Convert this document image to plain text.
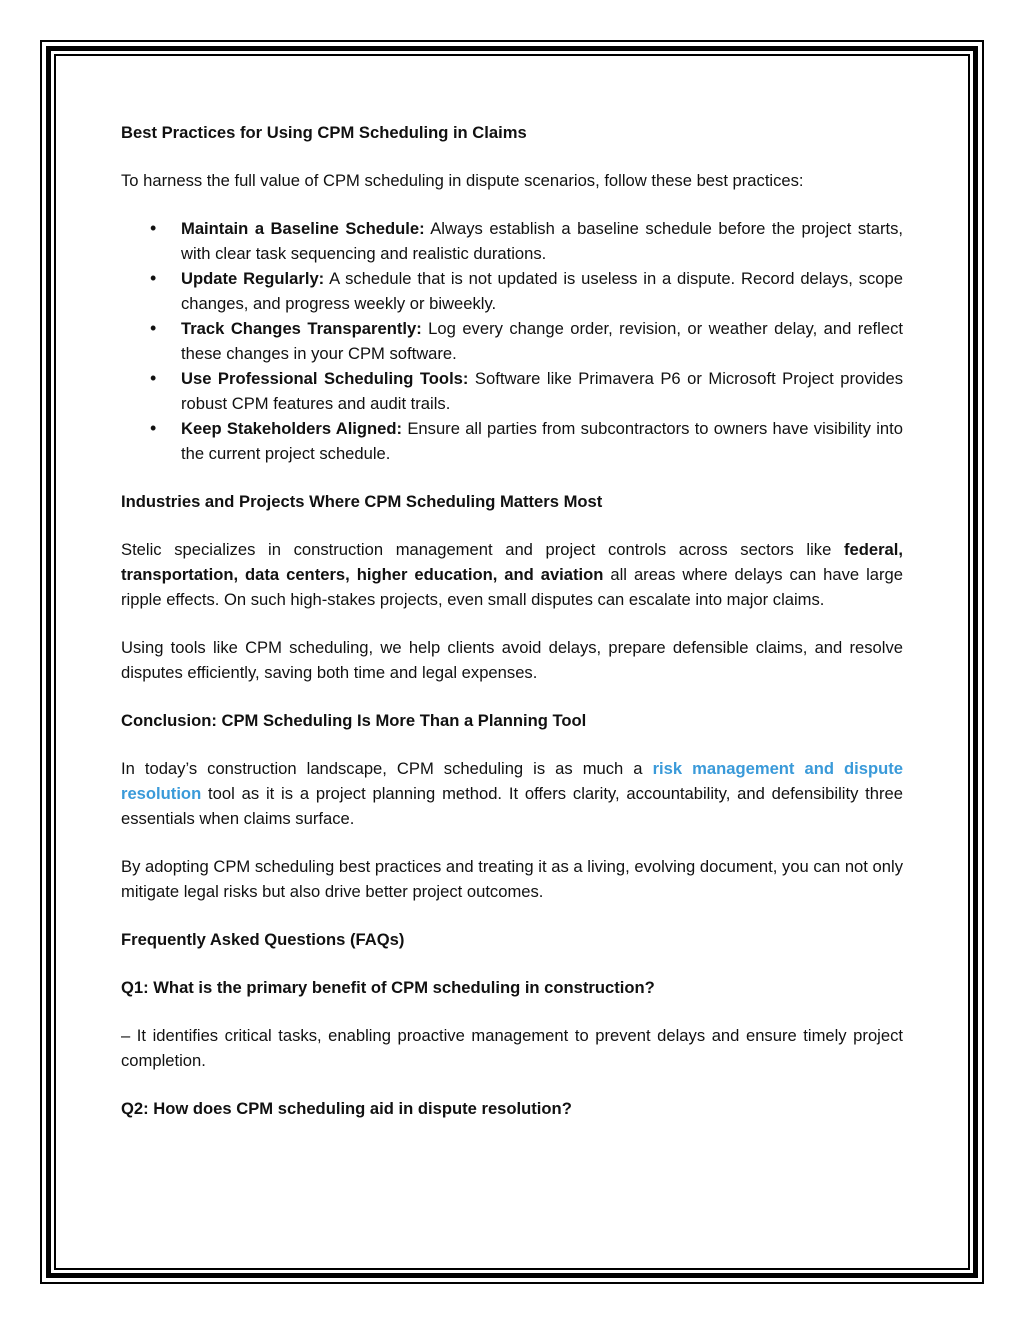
Best Practices for Using CPM Scheduling in Claims

To harness the full value of CPM scheduling in dispute scenarios, follow these best practices:

• Maintain a Baseline Schedule: Always establish a baseline schedule before the project starts, with clear task sequencing and realistic durations.
• Update Regularly: A schedule that is not updated is useless in a dispute. Record delays, scope changes, and progress weekly or biweekly.
• Track Changes Transparently: Log every change order, revision, or weather delay, and reflect these changes in your CPM software.
• Use Professional Scheduling Tools: Software like Primavera P6 or Microsoft Project provides robust CPM features and audit trails.
• Keep Stakeholders Aligned: Ensure all parties from subcontractors to owners have visibility into the current project schedule.
Industries and Projects Where CPM Scheduling Matters Most

Stelic specializes in construction management and project controls across sectors like federal, transportation, data centers, higher education, and aviation all areas where delays can have large ripple effects. On such high-stakes projects, even small disputes can escalate into major claims.

Using tools like CPM scheduling, we help clients avoid delays, prepare defensible claims, and resolve disputes efficiently, saving both time and legal expenses.

Conclusion: CPM Scheduling Is More Than a Planning Tool

In today’s construction landscape, CPM scheduling is as much a risk management and dispute resolution tool as it is a project planning method. It offers clarity, accountability, and defensibility three essentials when claims surface.

By adopting CPM scheduling best practices and treating it as a living, evolving document, you can not only mitigate legal risks but also drive better project outcomes.

Frequently Asked Questions (FAQs)
Q1: What is the primary benefit of CPM scheduling in construction?

– It identifies critical tasks, enabling proactive management to prevent delays and ensure timely project completion.

Q2: How does CPM scheduling aid in dispute resolution?
